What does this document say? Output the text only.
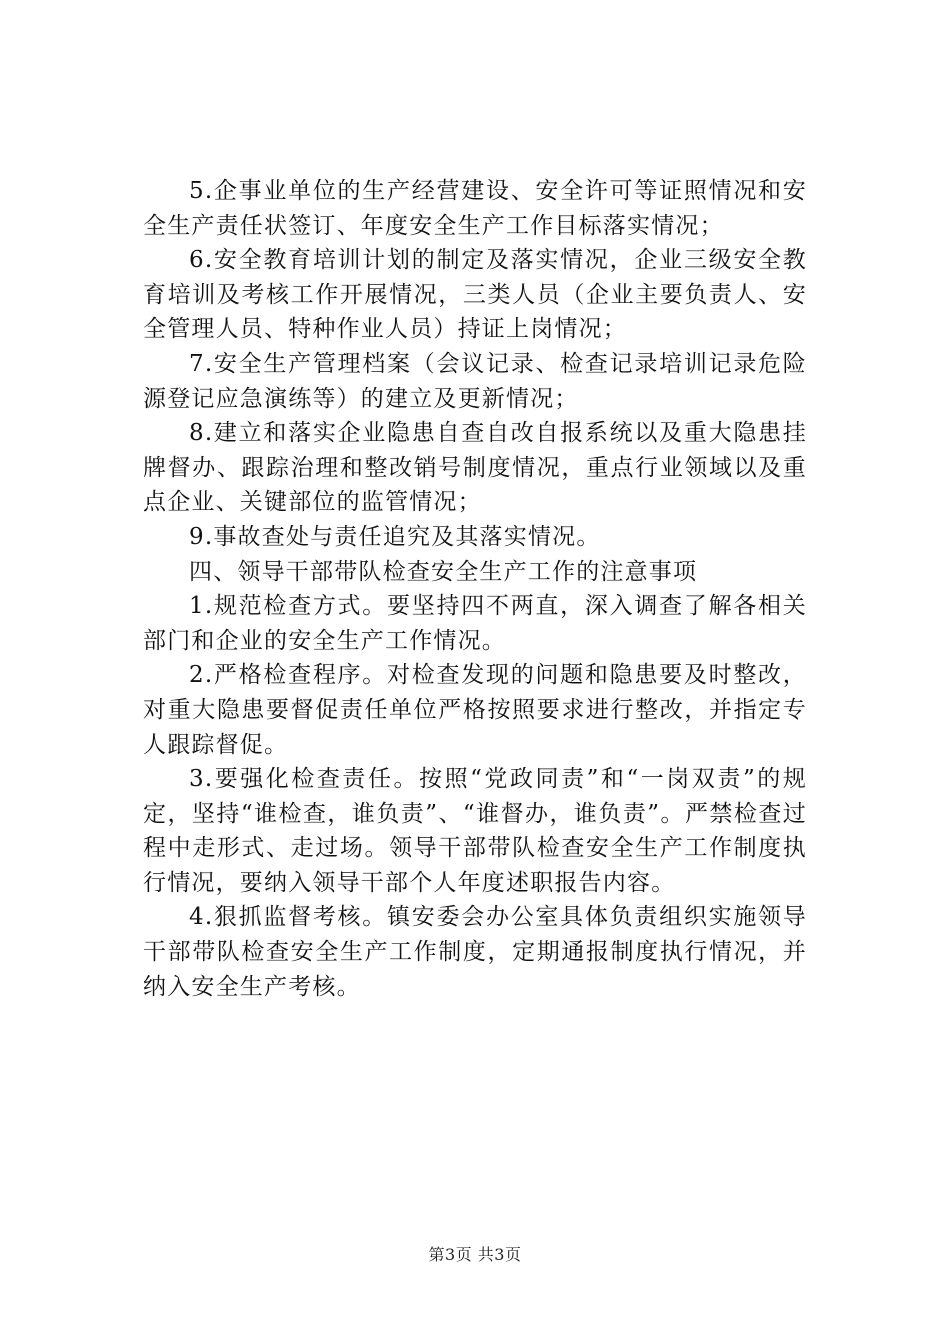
5.企事业单位的生产经营建设、安全许可等证照情况和安全生产责任状签订、年度安全生产工作目标落实情况；

6.安全教育培训计划的制定及落实情况，企业三级安全教育培训及考核工作开展情况，三类人员（企业主要负责人、安全管理人员、特种作业人员）持证上岗情况；

7.安全生产管理档案（会议记录、检查记录培训记录危险源登记应急演练等）的建立及更新情况；

8.建立和落实企业隐患自查自改自报系统以及重大隐患挂牌督办、跟踪治理和整改销号制度情况，重点行业领域以及重点企业、关键部位的监管情况；

9.事故查处与责任追究及其落实情况。

四、领导干部带队检查安全生产工作的注意事项

1.规范检查方式。要坚持四不两直，深入调查了解各相关部门和企业的安全生产工作情况。

2.严格检查程序。对检查发现的问题和隐患要及时整改，对重大隐患要督促责任单位严格按照要求进行整改，并指定专人跟踪督促。

3.要强化检查责任。按照“党政同责”和“一岗双责”的规定，坚持“谁检查，谁负责”、“谁督办，谁负责”。严禁检查过程中走形式、走过场。领导干部带队检查安全生产工作制度执行情况，要纳入领导干部个人年度述职报告内容。

4.狠抓监督考核。镇安委会办公室具体负责组织实施领导干部带队检查安全生产工作制度，定期通报制度执行情况，并纳入安全生产考核。

第3页 共3页
